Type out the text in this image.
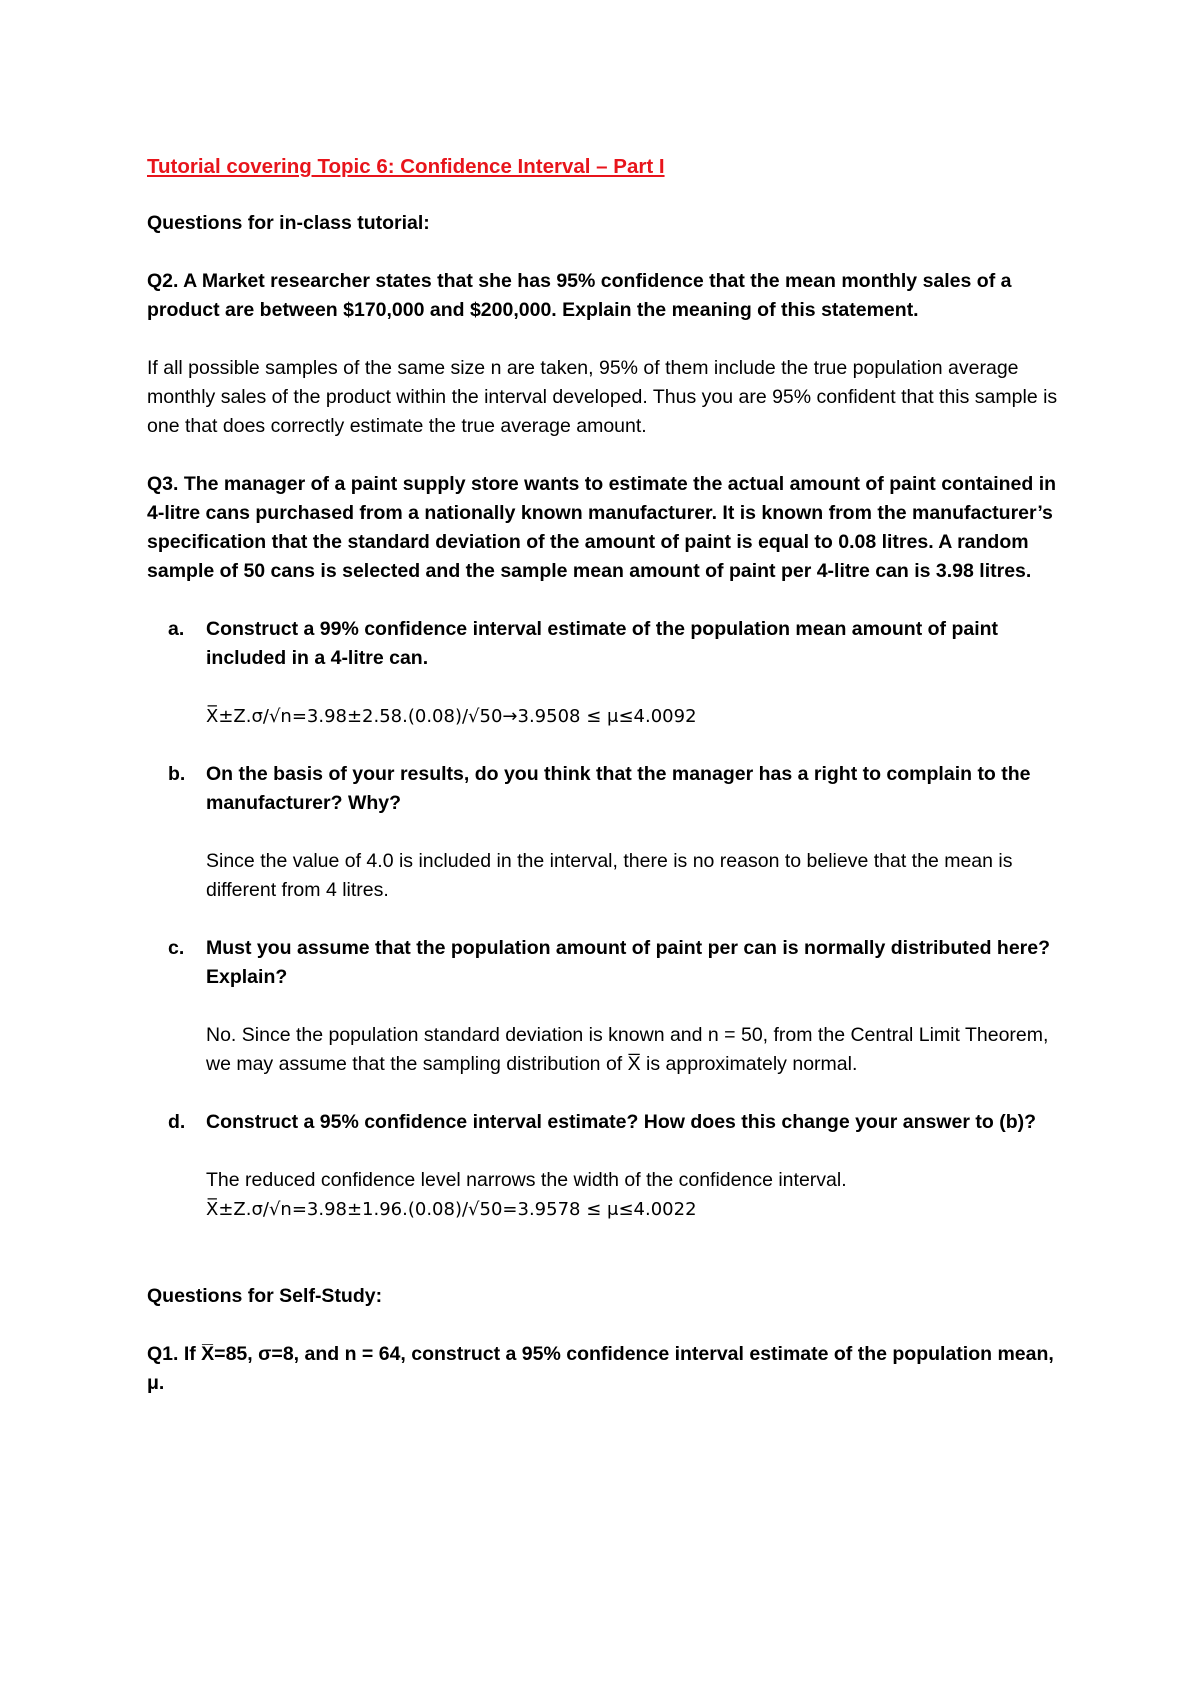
Tutorial covering Topic 6: Confidence Interval – Part I

Questions for in-class tutorial:

Q2. A Market researcher states that she has 95% confidence that the mean monthly sales of a product are between $170,000 and $200,000. Explain the meaning of this statement.

If all possible samples of the same size n are taken, 95% of them include the true population average monthly sales of the product within the interval developed. Thus you are 95% confident that this sample is one that does correctly estimate the true average amount.

Q3. The manager of a paint supply store wants to estimate the actual amount of paint contained in 4-litre cans purchased from a nationally known manufacturer. It is known from the manufacturer’s specification that the standard deviation of the amount of paint is equal to 0.08 litres. A random sample of 50 cans is selected and the sample mean amount of paint per 4-litre can is 3.98 litres.

a.	Construct a 99% confidence interval estimate of the population mean amount of paint included in a 4-litre can.

X̅±Z.σ/√n=3.98±2.58.(0.08)/√50→3.9508 ≤ μ≤4.0092

b.	On the basis of your results, do you think that the manager has a right to complain to the manufacturer? Why?

Since the value of 4.0 is included in the interval, there is no reason to believe that the mean is different from 4 litres.

c.	Must you assume that the population amount of paint per can is normally distributed here? Explain?

No. Since the population standard deviation is known and n = 50, from the Central Limit Theorem, we may assume that the sampling distribution of X̅ is approximately normal.

d.	Construct a 95% confidence interval estimate? How does this change your answer to (b)?

The reduced confidence level narrows the width of the confidence interval.

X̅±Z.σ/√n=3.98±1.96.(0.08)/√50=3.9578 ≤ μ≤4.0022

Questions for Self-Study:

Q1. If X̅=85, σ=8, and n = 64, construct a 95% confidence interval estimate of the population mean, μ.
